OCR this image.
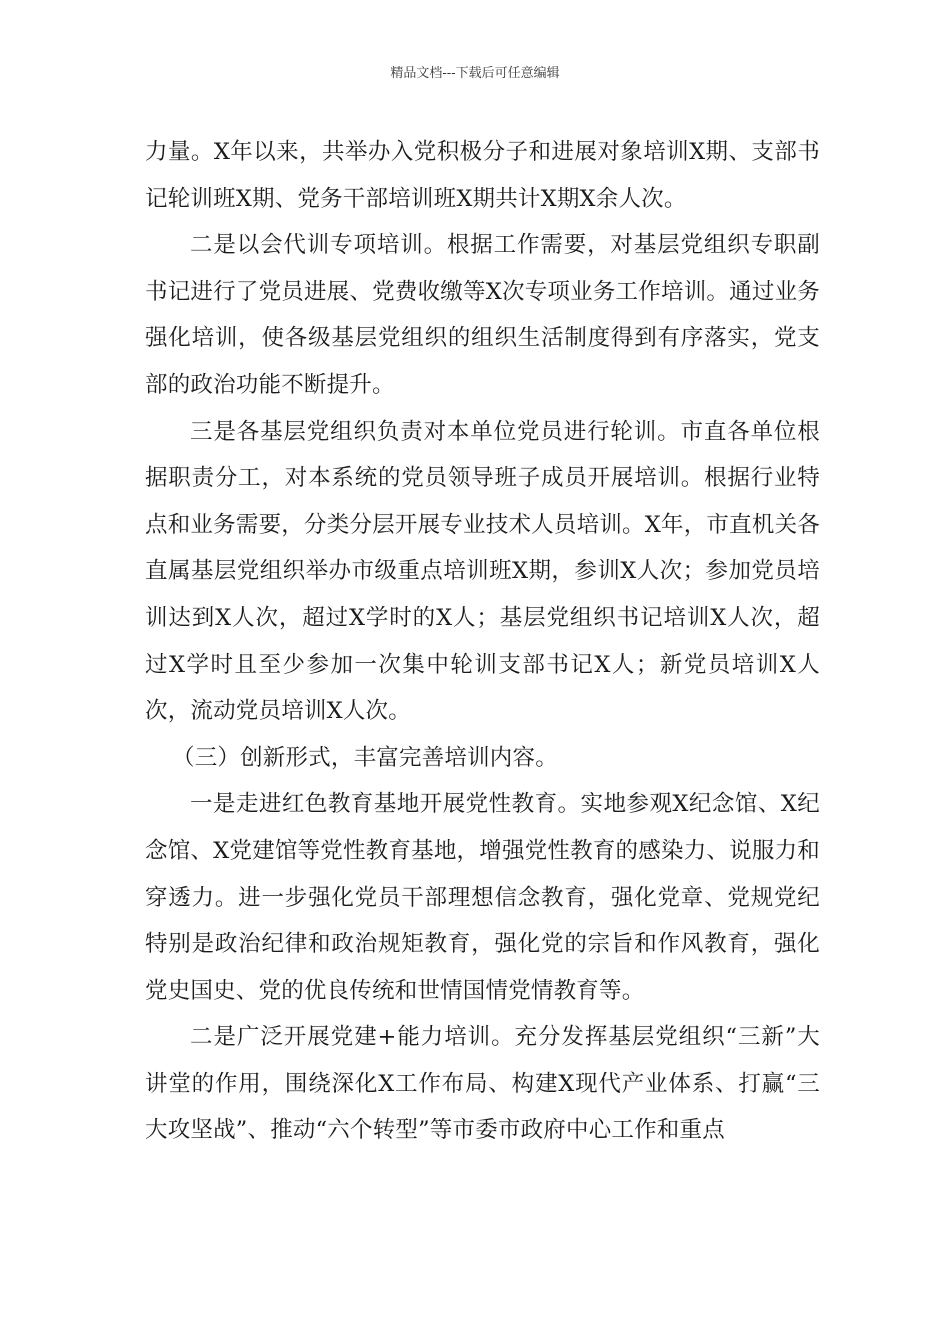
精品文档---下载后可任意编辑

力量。X年以来，共举办入党积极分子和进展对象培训X期、支部书记轮训班X期、党务干部培训班X期共计X期X余人次。

二是以会代训专项培训。根据工作需要，对基层党组织专职副书记进行了党员进展、党费收缴等X次专项业务工作培训。通过业务强化培训，使各级基层党组织的组织生活制度得到有序落实，党支部的政治功能不断提升。

三是各基层党组织负责对本单位党员进行轮训。市直各单位根据职责分工，对本系统的党员领导班子成员开展培训。根据行业特点和业务需要，分类分层开展专业技术人员培训。X年，市直机关各直属基层党组织举办市级重点培训班X期，参训X人次；参加党员培训达到X人次，超过X学时的X人；基层党组织书记培训X人次，超过X学时且至少参加一次集中轮训支部书记X人；新党员培训X人次，流动党员培训X人次。

（三）创新形式，丰富完善培训内容。

一是走进红色教育基地开展党性教育。实地参观X纪念馆、X纪念馆、X党建馆等党性教育基地，增强党性教育的感染力、说服力和穿透力。进一步强化党员干部理想信念教育，强化党章、党规党纪特别是政治纪律和政治规矩教育，强化党的宗旨和作风教育，强化党史国史、党的优良传统和世情国情党情教育等。

二是广泛开展党建+能力培训。充分发挥基层党组织“三新”大讲堂的作用，围绕深化X工作布局、构建X现代产业体系、打赢“三大攻坚战”、推动“六个转型”等市委市政府中心工作和重点
